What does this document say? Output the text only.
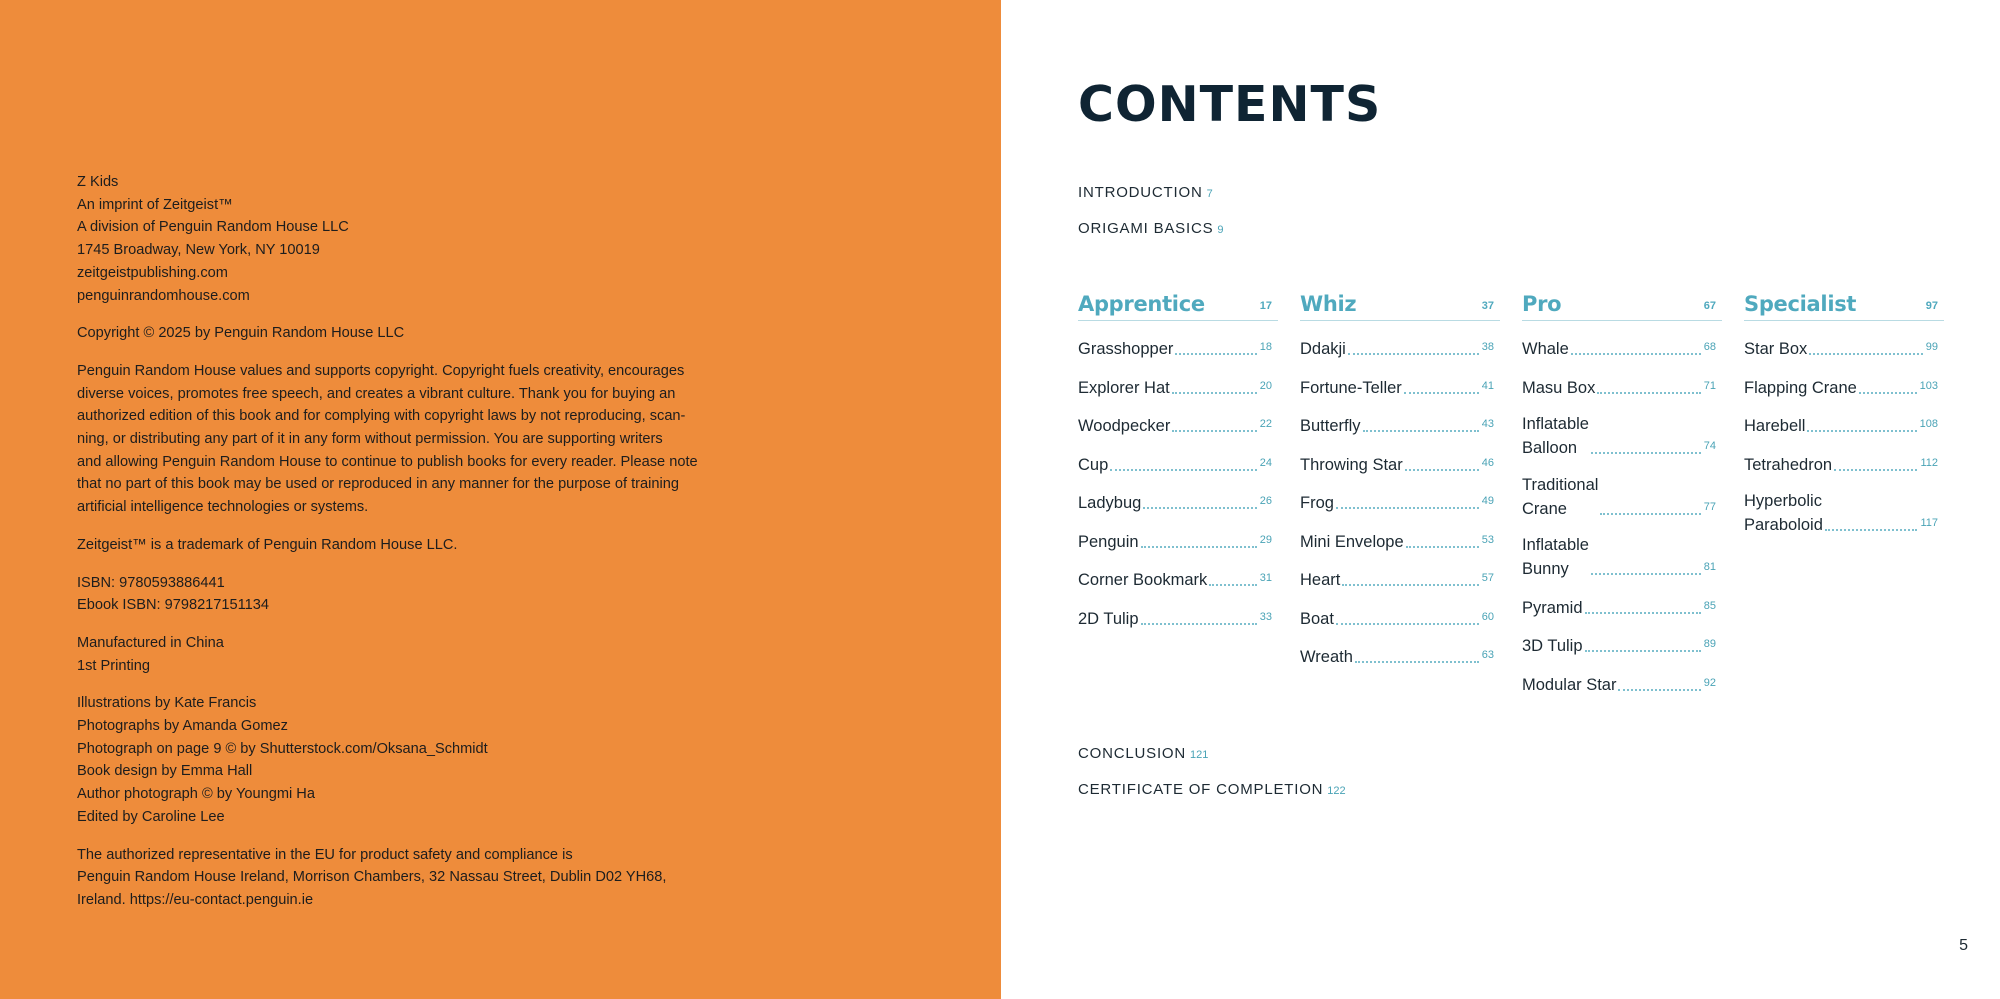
Z Kids
An imprint of Zeitgeist™
A division of Penguin Random House LLC
1745 Broadway, New York, NY 10019
zeitgeistpublishing.com
penguinrandomhouse.com

Copyright © 2025 by Penguin Random House LLC

Penguin Random House values and supports copyright. Copyright fuels creativity, encourages
diverse voices, promotes free speech, and creates a vibrant culture. Thank you for buying an
authorized edition of this book and for complying with copyright laws by not reproducing, scan-
ning, or distributing any part of it in any form without permission. You are supporting writers
and allowing Penguin Random House to continue to publish books for every reader. Please note
that no part of this book may be used or reproduced in any manner for the purpose of training
artificial intelligence technologies or systems.

Zeitgeist™ is a trademark of Penguin Random House LLC.

ISBN: 9780593886441
Ebook ISBN: 9798217151134

Manufactured in China
1st Printing

Illustrations by Kate Francis
Photographs by Amanda Gomez
Photograph on page 9 © by Shutterstock.com/Oksana_Schmidt
Book design by Emma Hall
Author photograph © by Youngmi Ha
Edited by Caroline Lee

The authorized representative in the EU for product safety and compliance is
Penguin Random House Ireland, Morrison Chambers, 32 Nassau Street, Dublin D02 YH68,
Ireland. https://eu-contact.penguin.ie

CONTENTS
INTRODUCTION 7
ORIGAMI BASICS 9
Apprentice	17
Grasshopper	18
Explorer Hat	20
Woodpecker	22
Cup	24
Ladybug	26
Penguin	29
Corner Bookmark	31
2D Tulip	33
Whiz	37
Ddakji	38
Fortune-Teller	41
Butterfly	43
Throwing Star	46
Frog	49
Mini Envelope	53
Heart	57
Boat	60
Wreath	63
Pro	67
Whale	68
Masu Box	71
Inflatable
Balloon	74
Traditional
Crane	77
Inflatable
Bunny	81
Pyramid	85
3D Tulip	89
Modular Star	92
Specialist	97
Star Box	99
Flapping Crane	103
Harebell	108
Tetrahedron	112
Hyperbolic
Paraboloid	117
CONCLUSION 121
CERTIFICATE OF COMPLETION 122
5
